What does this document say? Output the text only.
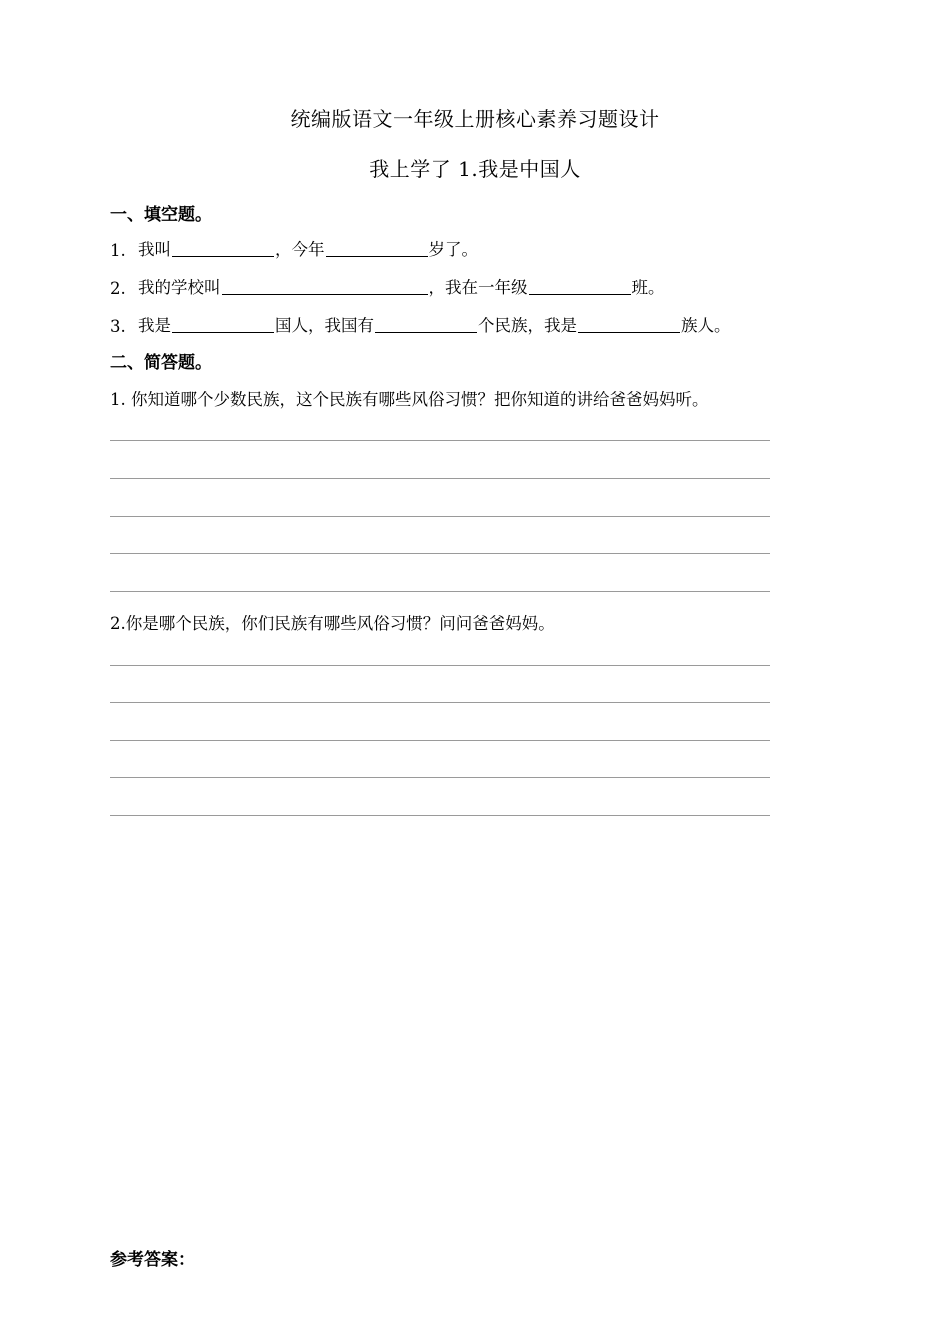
统编版语文一年级上册核心素养习题设计
我上学了 1.我是中国人
一、填空题。
1. 我叫	，今年	岁了。
2. 我的学校叫	，我在一年级	班。
3. 我是	国人，我国有	个民族，我是	族人。
二、简答题。
1. 你知道哪个少数民族，这个民族有哪些风俗习惯？把你知道的讲给爸爸妈妈听。
2.你是哪个民族，你们民族有哪些风俗习惯？问问爸爸妈妈。
参考答案：
